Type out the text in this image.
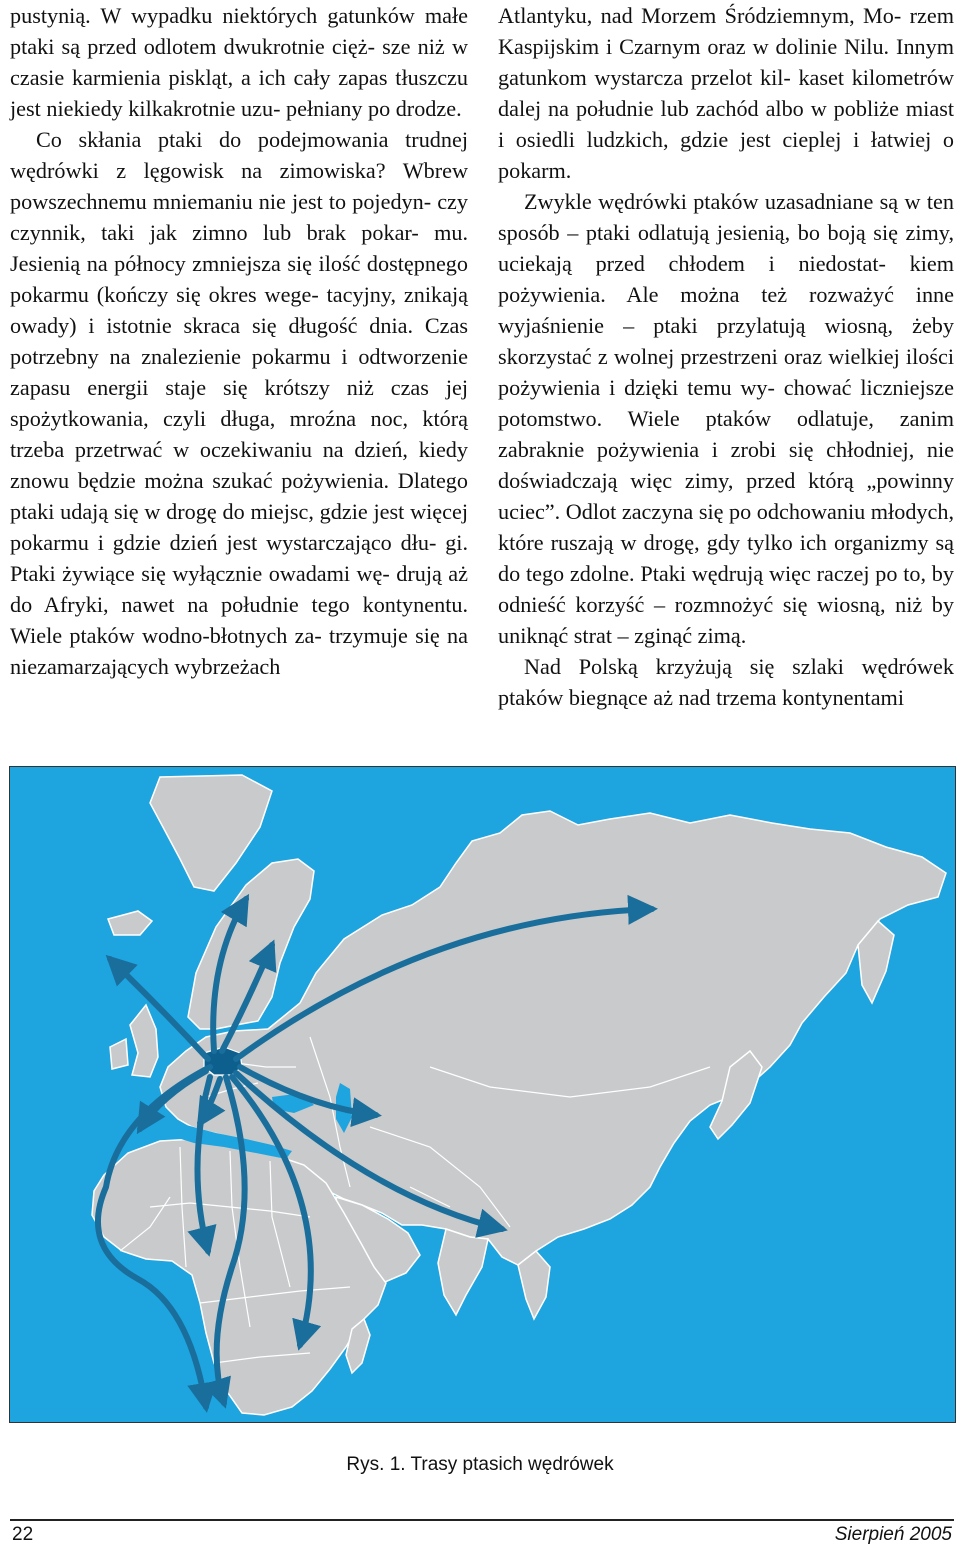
pustynią. W wypadku niektórych gatunków małe ptaki są przed odlotem dwukrotnie cięż- sze niż w czasie karmienia piskląt, a ich cały zapas tłuszczu jest niekiedy kilkakrotnie uzu- pełniany po drodze.

Co skłania ptaki do podejmowania trudnej wędrówki z lęgowisk na zimowiska? Wbrew powszechnemu mniemaniu nie jest to pojedyn- czy czynnik, taki jak zimno lub brak pokar- mu. Jesienią na północy zmniejsza się ilość dostępnego pokarmu (kończy się okres wege- tacyjny, znikają owady) i istotnie skraca się długość dnia. Czas potrzebny na znalezienie pokarmu i odtworzenie zapasu energii staje się krótszy niż czas jej spożytkowania, czyli długa, mroźna noc, którą trzeba przetrwać w oczekiwaniu na dzień, kiedy znowu będzie można szukać pożywienia. Dlatego ptaki udają się w drogę do miejsc, gdzie jest więcej pokarmu i gdzie dzień jest wystarczająco dłu- gi. Ptaki żywiące się wyłącznie owadami wę- drują aż do Afryki, nawet na południe tego kontynentu. Wiele ptaków wodno-błotnych za- trzymuje się na niezamarzających wybrzeżach

Atlantyku, nad Morzem Śródziemnym, Mo- rzem Kaspijskim i Czarnym oraz w dolinie Nilu. Innym gatunkom wystarcza przelot kil- kaset kilometrów dalej na południe lub zachód albo w pobliże miast i osiedli ludzkich, gdzie jest cieplej i łatwiej o pokarm.

Zwykle wędrówki ptaków uzasadniane są w ten sposób – ptaki odlatują jesienią, bo boją się zimy, uciekają przed chłodem i niedostat- kiem pożywienia. Ale można też rozważyć inne wyjaśnienie – ptaki przylatują wiosną, żeby skorzystać z wolnej przestrzeni oraz wielkiej ilości pożywienia i dzięki temu wy- chować liczniejsze potomstwo. Wiele ptaków odlatuje, zanim zabraknie pożywienia i zrobi się chłodniej, nie doświadczają więc zimy, przed którą „powinny uciec”. Odlot zaczyna się po odchowaniu młodych, które ruszają w drogę, gdy tylko ich organizmy są do tego zdolne. Ptaki wędrują więc raczej po to, by odnieść korzyść – rozmnożyć się wiosną, niż by uniknąć strat – zginąć zimą.

Nad Polską krzyżują się szlaki wędrówek ptaków biegnące aż nad trzema kontynentami

Rys. 1. Trasy ptasich wędrówek
22	Sierpień 2005
